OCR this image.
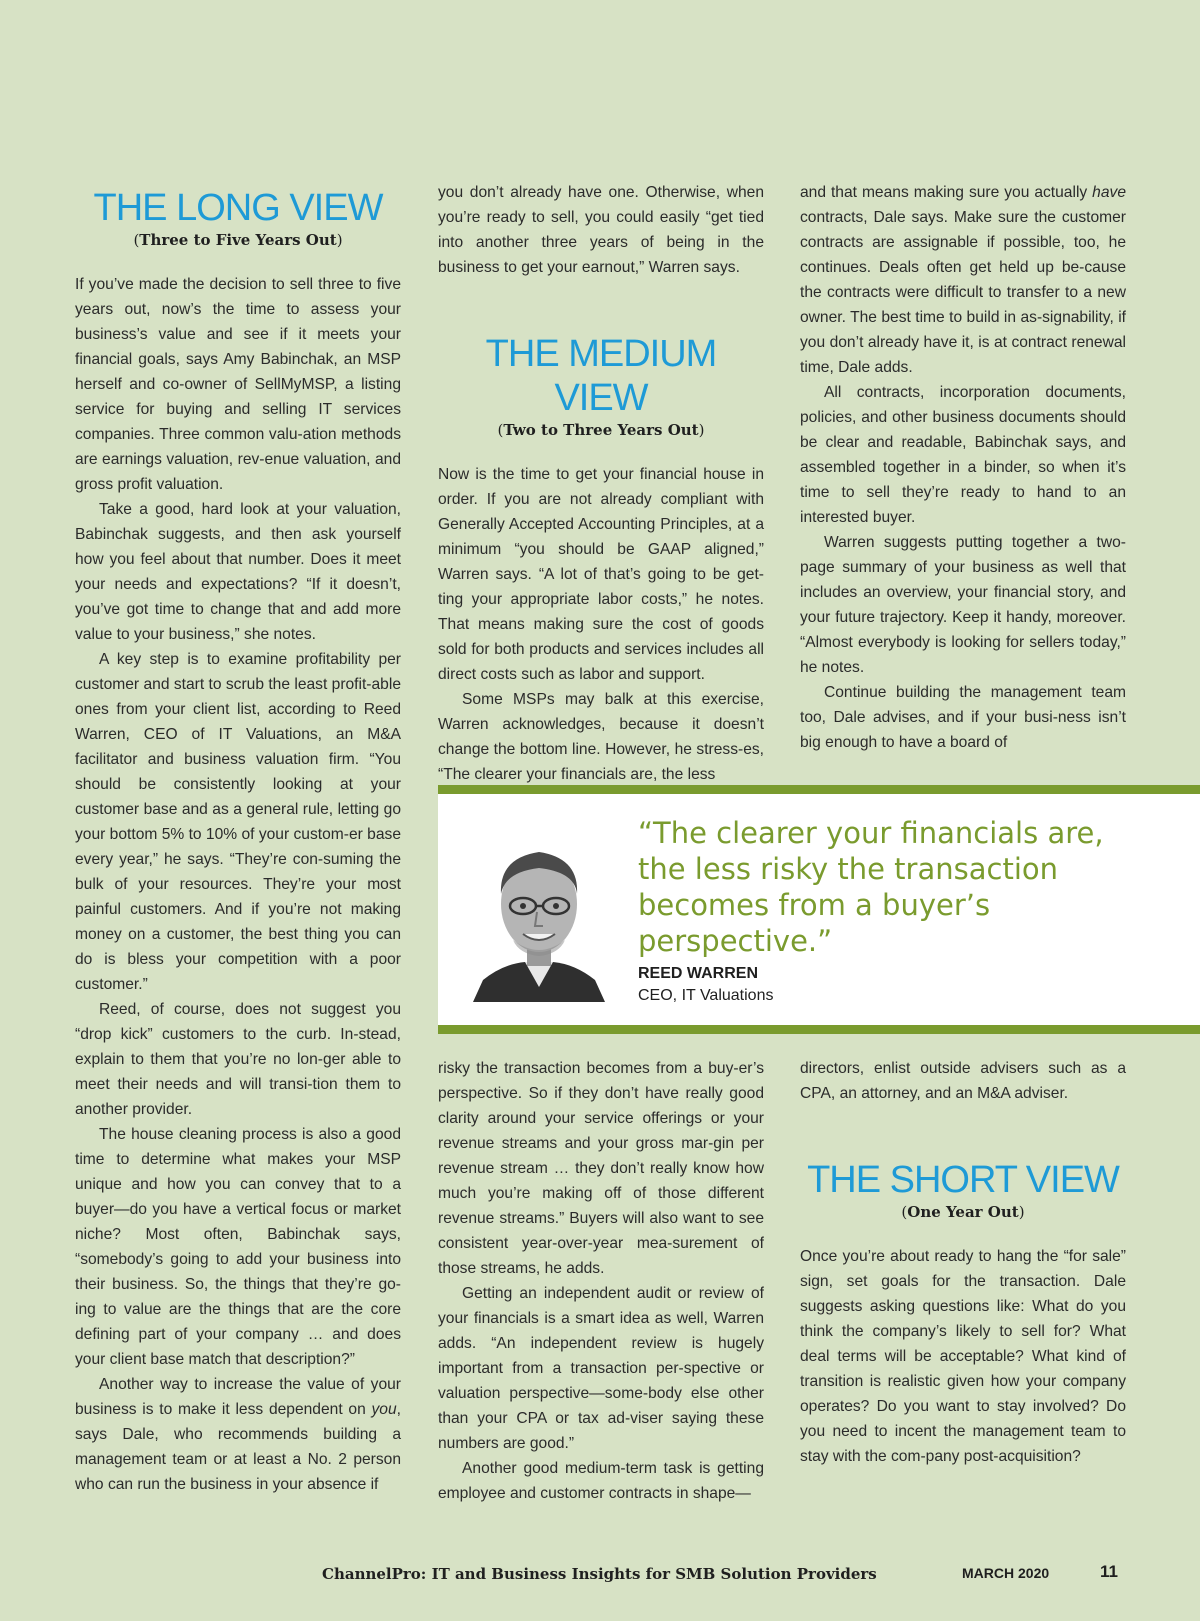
THE LONG VIEW
(Three to Five Years Out)

If you’ve made the decision to sell three to five years out, now’s the time to assess your business’s value and see if it meets your financial goals, says Amy Babinchak, an MSP herself and co-owner of SellMyMSP, a listing service for buying and selling IT services companies. Three common valu-ation methods are earnings valuation, rev-enue valuation, and gross profit valuation.

Take a good, hard look at your valuation, Babinchak suggests, and then ask yourself how you feel about that number. Does it meet your needs and expectations? “If it doesn’t, you’ve got time to change that and add more value to your business,” she notes.

A key step is to examine profitability per customer and start to scrub the least profit-able ones from your client list, according to Reed Warren, CEO of IT Valuations, an M&A facilitator and business valuation firm. “You should be consistently looking at your customer base and as a general rule, letting go your bottom 5% to 10% of your custom-er base every year,” he says. “They’re con-suming the bulk of your resources. They’re your most painful customers. And if you’re not making money on a customer, the best thing you can do is bless your competition with a poor customer.”

Reed, of course, does not suggest you “drop kick” customers to the curb. In-stead, explain to them that you’re no lon-ger able to meet their needs and will transi-tion them to another provider.

The house cleaning process is also a good time to determine what makes your MSP unique and how you can convey that to a buyer—do you have a vertical focus or market niche? Most often, Babinchak says, “somebody’s going to add your business into their business. So, the things that they’re go-ing to value are the things that are the core defining part of your company … and does your client base match that description?”

Another way to increase the value of your business is to make it less dependent on you, says Dale, who recommends building a management team or at least a No. 2 person who can run the business in your absence if

you don’t already have one. Otherwise, when you’re ready to sell, you could easily “get tied into another three years of being in the business to get your earnout,” Warren says.

THE MEDIUM VIEW
(Two to Three Years Out)

Now is the time to get your financial house in order. If you are not already compliant with Generally Accepted Accounting Principles, at a minimum “you should be GAAP aligned,” Warren says. “A lot of that’s going to be get-ting your appropriate labor costs,” he notes. That means making sure the cost of goods sold for both products and services includes all direct costs such as labor and support.

Some MSPs may balk at this exercise, Warren acknowledges, because it doesn’t change the bottom line. However, he stress-es, “The clearer your financials are, the less

and that means making sure you actually have contracts, Dale says. Make sure the customer contracts are assignable if possible, too, he continues. Deals often get held up be-cause the contracts were difficult to transfer to a new owner. The best time to build in as-signability, if you don’t already have it, is at contract renewal time, Dale adds.

All contracts, incorporation documents, policies, and other business documents should be clear and readable, Babinchak says, and assembled together in a binder, so when it’s time to sell they’re ready to hand to an interested buyer.

Warren suggests putting together a two-page summary of your business as well that includes an overview, your financial story, and your future trajectory. Keep it handy, moreover. “Almost everybody is looking for sellers today,” he notes.

Continue building the management team too, Dale advises, and if your busi-ness isn’t big enough to have a board of

“The clearer your financials are, the less risky the transaction becomes from a buyer’s perspective.”
REED WARREN
CEO, IT Valuations

risky the transaction becomes from a buy-er’s perspective. So if they don’t have really good clarity around your service offerings or your revenue streams and your gross mar-gin per revenue stream … they don’t really know how much you’re making off of those different revenue streams.” Buyers will also want to see consistent year-over-year mea-surement of those streams, he adds.

Getting an independent audit or review of your financials is a smart idea as well, Warren adds. “An independent review is hugely important from a transaction per-spective or valuation perspective—some-body else other than your CPA or tax ad-viser saying these numbers are good.”

Another good medium-term task is getting employee and customer contracts in shape—

directors, enlist outside advisers such as a CPA, an attorney, and an M&A adviser.

THE SHORT VIEW
(One Year Out)

Once you’re about ready to hang the “for sale” sign, set goals for the transaction. Dale suggests asking questions like: What do you think the company’s likely to sell for? What deal terms will be acceptable? What kind of transition is realistic given how your company operates? Do you want to stay involved? Do you need to incent the management team to stay with the com-pany post-acquisition?

ChannelPro: IT and Business Insights for SMB Solution Providers	MARCH 2020	11
